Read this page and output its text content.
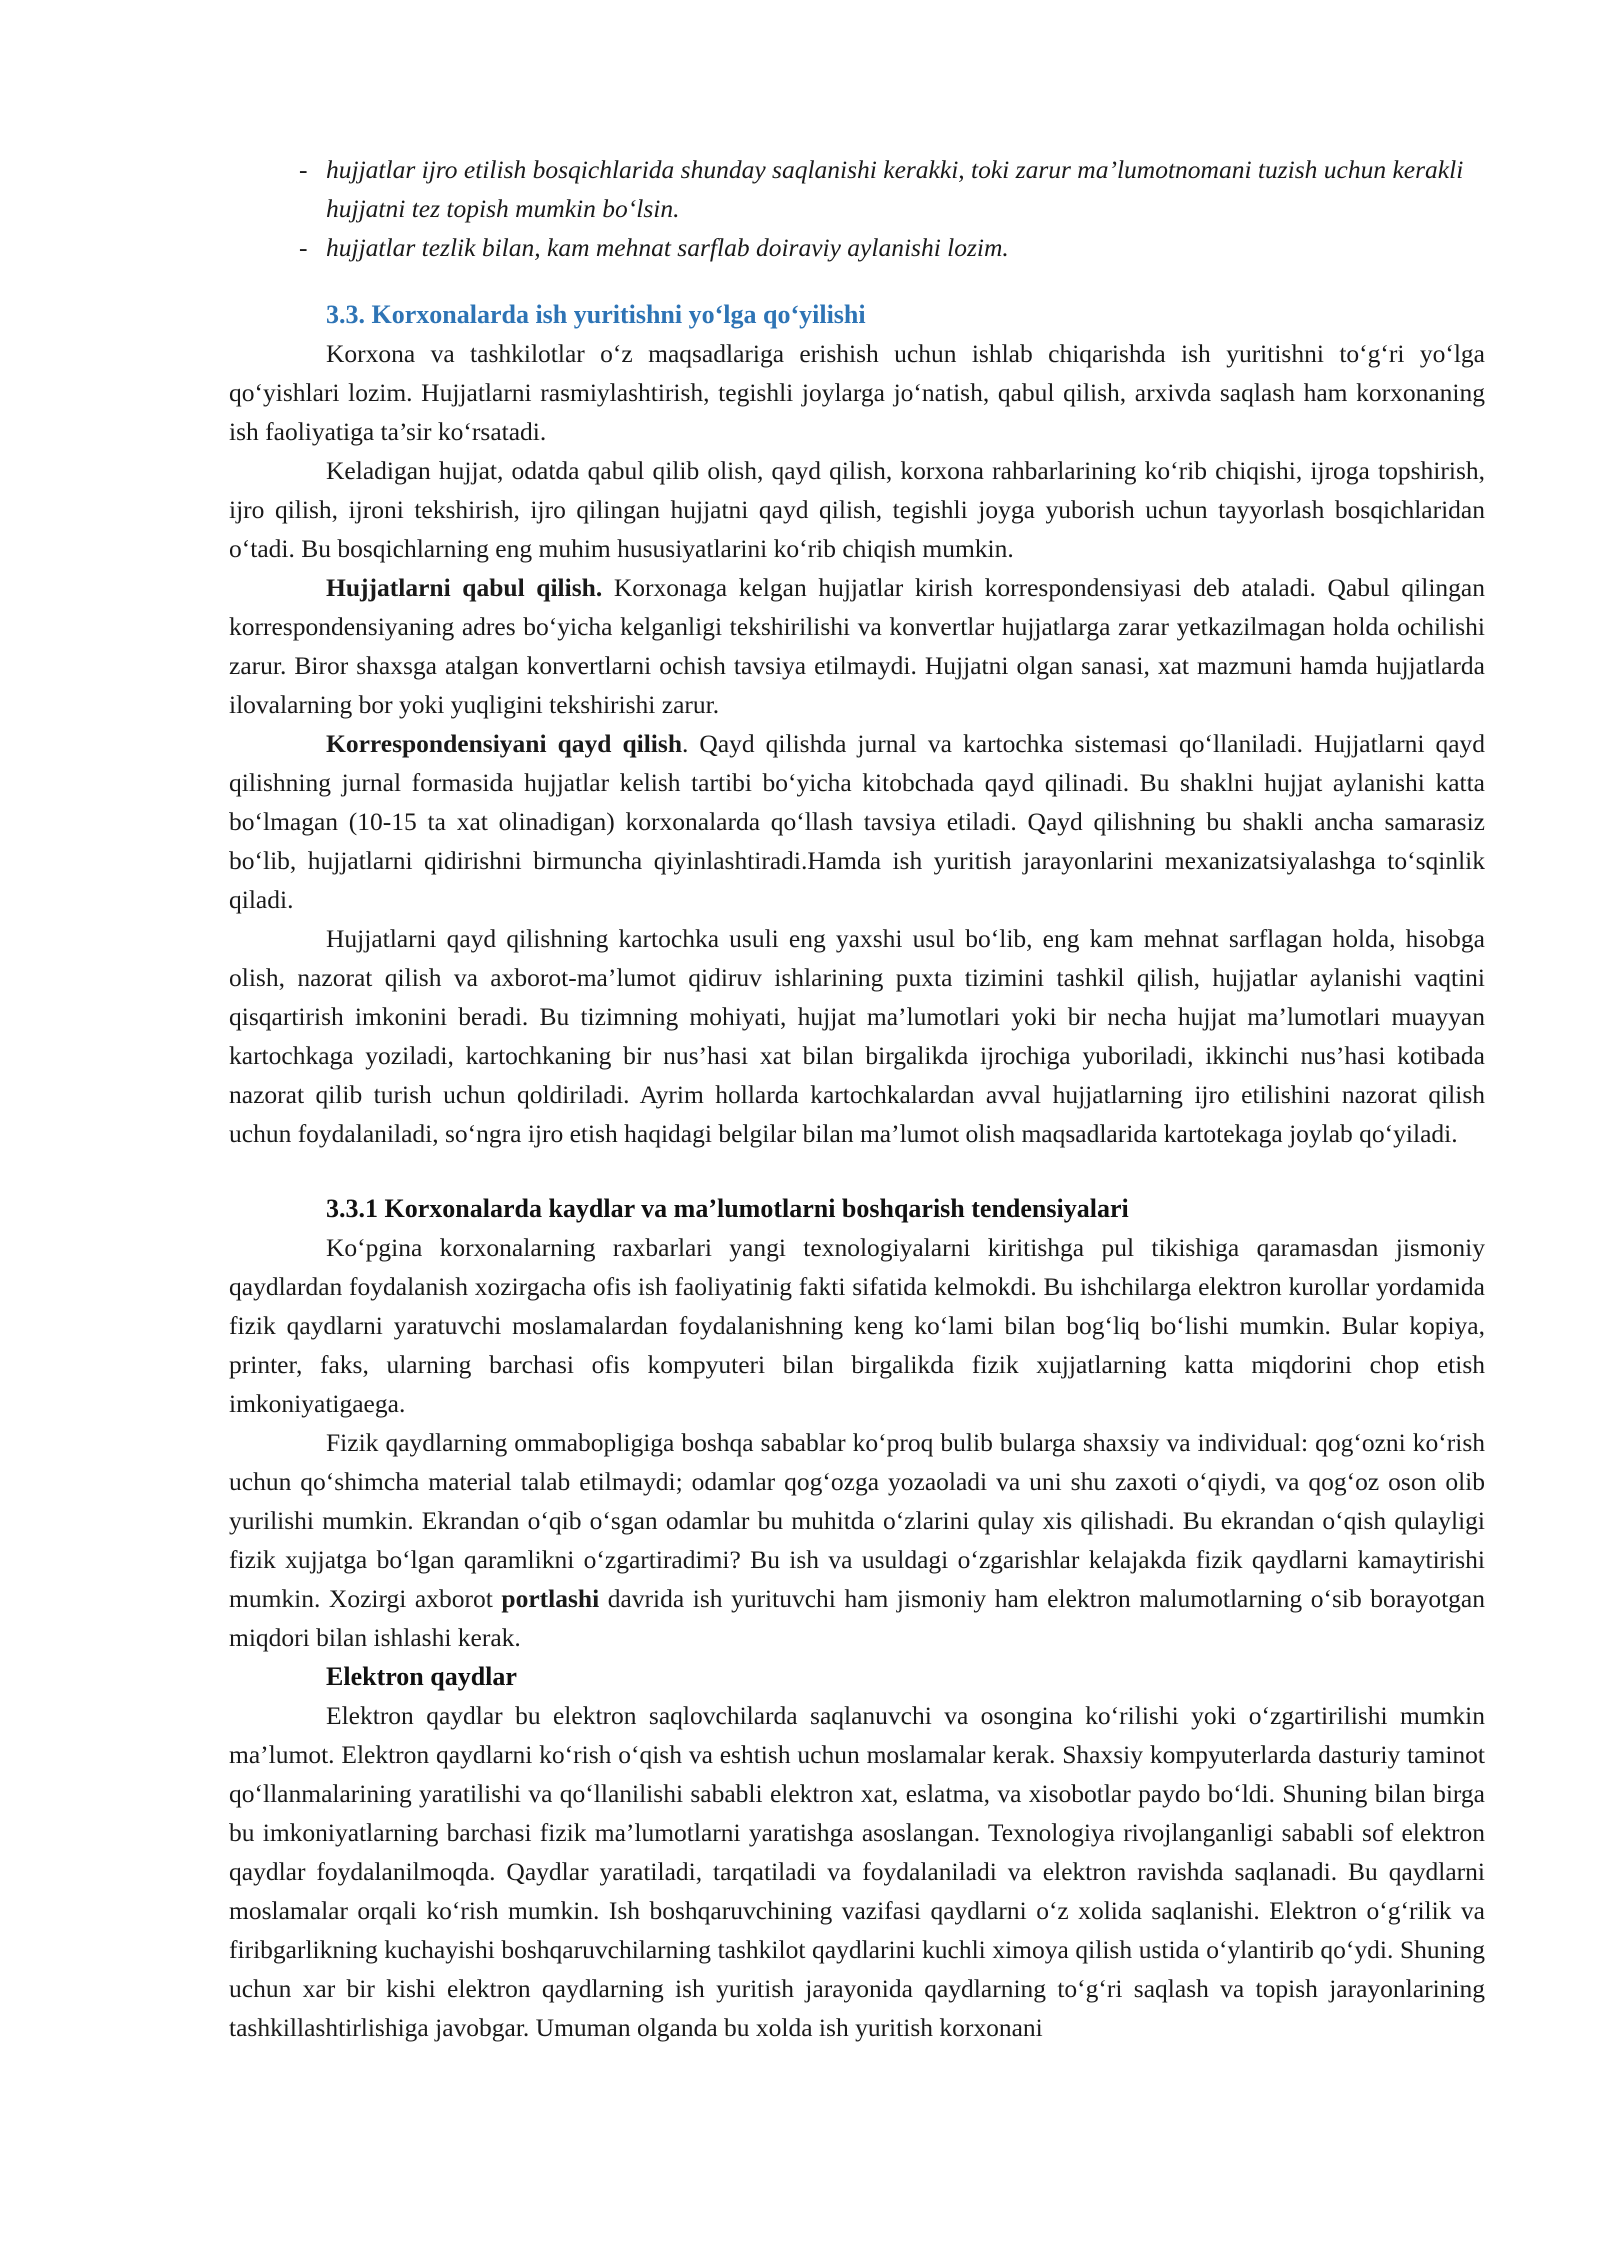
- hujjatlar ijro etilish bosqichlarida shunday saqlanishi kerakki, toki zarur ma’lumotnomani tuzish uchun kerakli hujjatni tez topish mumkin bo‘lsin.
- hujjatlar tezlik bilan, kam mehnat sarflab doiraviy aylanishi lozim.
3.3. Korxonalarda ish yuritishni yo‘lga qo‘yilishi

Korxona va tashkilotlar o‘z maqsadlariga erishish uchun ishlab chiqarishda ish yuritishni to‘g‘ri yo‘lga qo‘yishlari lozim. Hujjatlarni rasmiylashtirish, tegishli joylarga jo‘natish, qabul qilish, arxivda saqlash ham korxonaning ish faoliyatiga ta’sir ko‘rsatadi.

Keladigan hujjat, odatda qabul qilib olish, qayd qilish, korxona rahbarlarining ko‘rib chiqishi, ijroga topshirish, ijro qilish, ijroni tekshirish, ijro qilingan hujjatni qayd qilish, tegishli joyga yuborish uchun tayyorlash bosqichlaridan o‘tadi. Bu bosqichlarning eng muhim hususiyatlarini ko‘rib chiqish mumkin.

Hujjatlarni qabul qilish. Korxonaga kelgan hujjatlar kirish korrespondensiyasi deb ataladi. Qabul qilingan korrespondensiyaning adres bo‘yicha kelganligi tekshirilishi va konvertlar hujjatlarga zarar yetkazilmagan holda ochilishi zarur. Biror shaxsga atalgan konvertlarni ochish tavsiya etilmaydi. Hujjatni olgan sanasi, xat mazmuni hamda hujjatlarda ilovalarning bor yoki yuqligini tekshirishi zarur.

Korrespondensiyani qayd qilish. Qayd qilishda jurnal va kartochka sistemasi qo‘llaniladi. Hujjatlarni qayd qilishning jurnal formasida hujjatlar kelish tartibi bo‘yicha kitobchada qayd qilinadi. Bu shaklni hujjat aylanishi katta bo‘lmagan (10-15 ta xat olinadigan) korxonalarda qo‘llash tavsiya etiladi. Qayd qilishning bu shakli ancha samarasiz bo‘lib, hujjatlarni qidirishni birmuncha qiyinlashtiradi.Hamda ish yuritish jarayonlarini mexanizatsiyalashga to‘sqinlik qiladi.

Hujjatlarni qayd qilishning kartochka usuli eng yaxshi usul bo‘lib, eng kam mehnat sarflagan holda, hisobga olish, nazorat qilish va axborot-ma’lumot qidiruv ishlarining puxta tizimini tashkil qilish, hujjatlar aylanishi vaqtini qisqartirish imkonini beradi. Bu tizimning mohiyati, hujjat ma’lumotlari yoki bir necha hujjat ma’lumotlari muayyan kartochkaga yoziladi, kartochkaning bir nus’hasi xat bilan birgalikda ijrochiga yuboriladi, ikkinchi nus’hasi kotibada nazorat qilib turish uchun qoldiriladi. Ayrim hollarda kartochkalardan avval hujjatlarning ijro etilishini nazorat qilish uchun foydalaniladi, so‘ngra ijro etish haqidagi belgilar bilan ma’lumot olish maqsadlarida kartotekaga joylab qo‘yiladi.

3.3.1 Korxonalarda kaydlar va ma’lumotlarni boshqarish tendensiyalari

Ko‘pgina korxonalarning raxbarlari yangi texnologiyalarni kiritishga pul tikishiga qaramasdan jismoniy qaydlardan foydalanish xozirgacha ofis ish faoliyatinig fakti sifatida kelmokdi. Bu ishchilarga elektron kurollar yordamida fizik qaydlarni yaratuvchi moslamalardan foydalanishning keng ko‘lami bilan bog‘liq bo‘lishi mumkin. Bular kopiya, printer, faks, ularning barchasi ofis kompyuteri bilan birgalikda fizik xujjatlarning katta miqdorini chop etish imkoniyatigaega.

Fizik qaydlarning ommabopligiga boshqa sabablar ko‘proq bulib bularga shaxsiy va individual: qog‘ozni ko‘rish uchun qo‘shimcha material talab etilmaydi; odamlar qog‘ozga yozaoladi va uni shu zaxoti o‘qiydi, va qog‘oz oson olib yurilishi mumkin. Ekrandan o‘qib o‘sgan odamlar bu muhitda o‘zlarini qulay xis qilishadi. Bu ekrandan o‘qish qulayligi fizik xujjatga bo‘lgan qaramlikni o‘zgartiradimi? Bu ish va usuldagi o‘zgarishlar kelajakda fizik qaydlarni kamaytirishi mumkin. Xozirgi axborot portlashi davrida ish yurituvchi ham jismoniy ham elektron malumotlarning o‘sib borayotgan miqdori bilan ishlashi kerak.

Elektron qaydlar

Elektron qaydlar bu elektron saqlovchilarda saqlanuvchi va osongina ko‘rilishi yoki o‘zgartirilishi mumkin ma’lumot. Elektron qaydlarni ko‘rish o‘qish va eshtish uchun moslamalar kerak. Shaxsiy kompyuterlarda dasturiy taminot qo‘llanmalarining yaratilishi va qo‘llanilishi sababli elektron xat, eslatma, va xisobotlar paydo bo‘ldi. Shuning bilan birga bu imkoniyatlarning barchasi fizik ma’lumotlarni yaratishga asoslangan. Texnologiya rivojlanganligi sababli sof elektron qaydlar foydalanilmoqda. Qaydlar yaratiladi, tarqatiladi va foydalaniladi va elektron ravishda saqlanadi. Bu qaydlarni moslamalar orqali ko‘rish mumkin. Ish boshqaruvchining vazifasi qaydlarni o‘z xolida saqlanishi. Elektron o‘g‘rilik va firibgarlikning kuchayishi boshqaruvchilarning tashkilot qaydlarini kuchli ximoya qilish ustida o‘ylantirib qo‘ydi. Shuning uchun xar bir kishi elektron qaydlarning ish yuritish jarayonida qaydlarning to‘g‘ri saqlash va topish jarayonlarining tashkillashtirlishiga javobgar. Umuman olganda bu xolda ish yuritish korxonani
